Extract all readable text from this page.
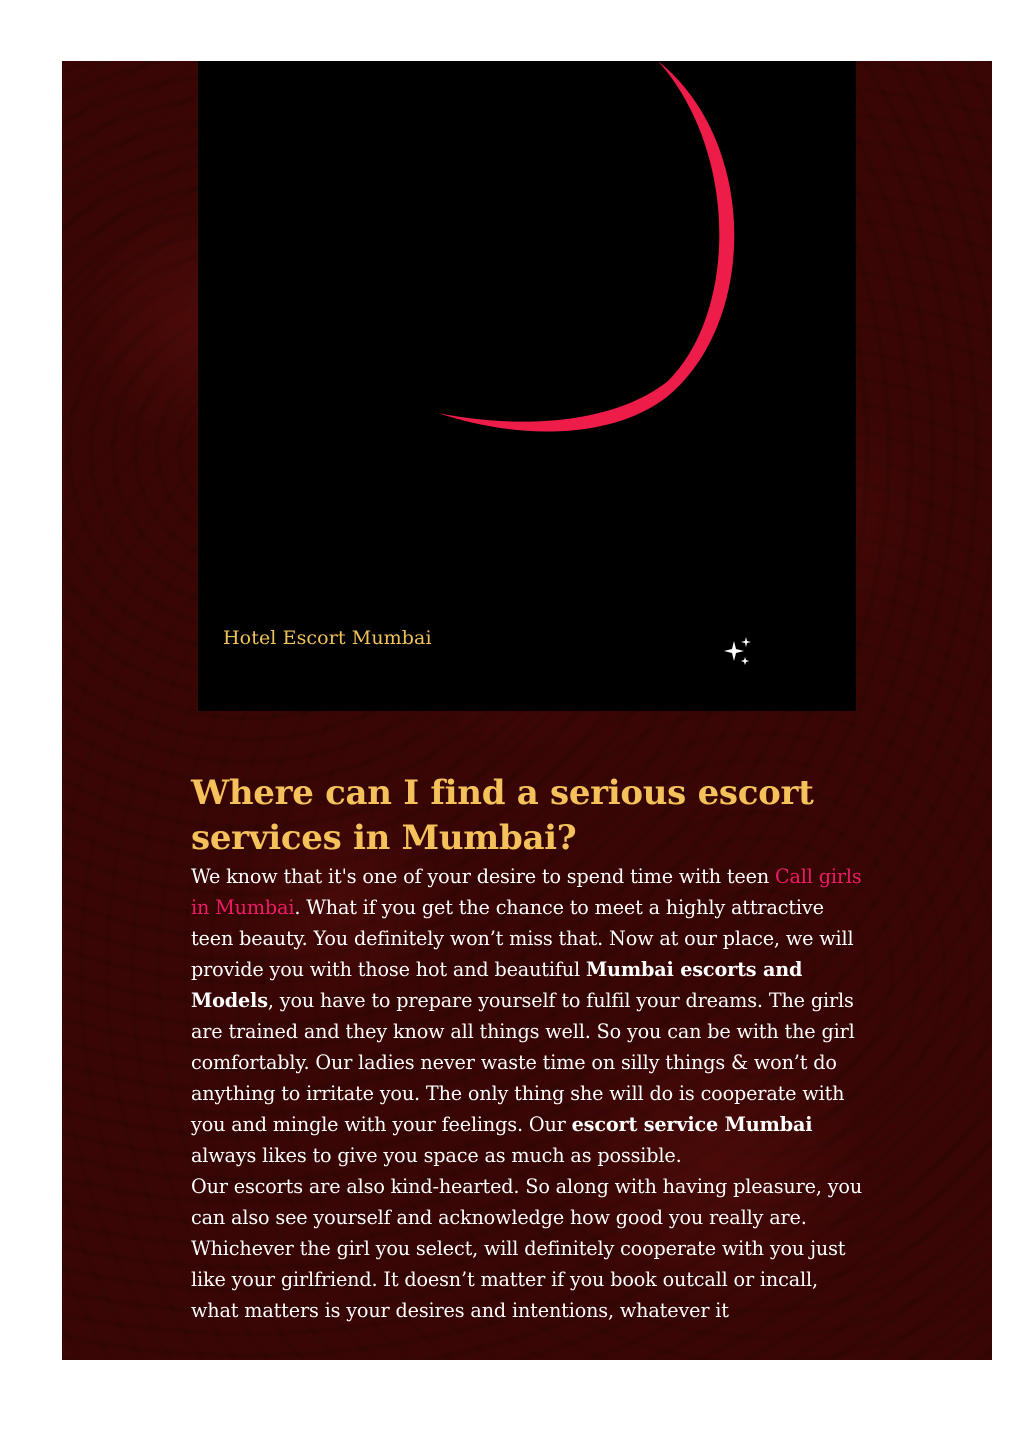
Hotel Escort Mumbai
Where can I find a serious escort services in Mumbai?

We know that it's one of your desire to spend time with teen Call girls in Mumbai. What if you get the chance to meet a highly attractive teen beauty. You definitely won’t miss that. Now at our place, we will provide you with those hot and beautiful Mumbai escorts and Models, you have to prepare yourself to fulfil your dreams. The girls are trained and they know all things well. So you can be with the girl comfortably. Our ladies never waste time on silly things & won’t do anything to irritate you. The only thing she will do is cooperate with you and mingle with your feelings. Our escort service Mumbai always likes to give you space as much as possible.

Our escorts are also kind-hearted. So along with having pleasure, you can also see yourself and acknowledge how good you really are. Whichever the girl you select, will definitely cooperate with you just like your girlfriend. It doesn’t matter if you book outcall or incall, what matters is your desires and intentions, whatever it
